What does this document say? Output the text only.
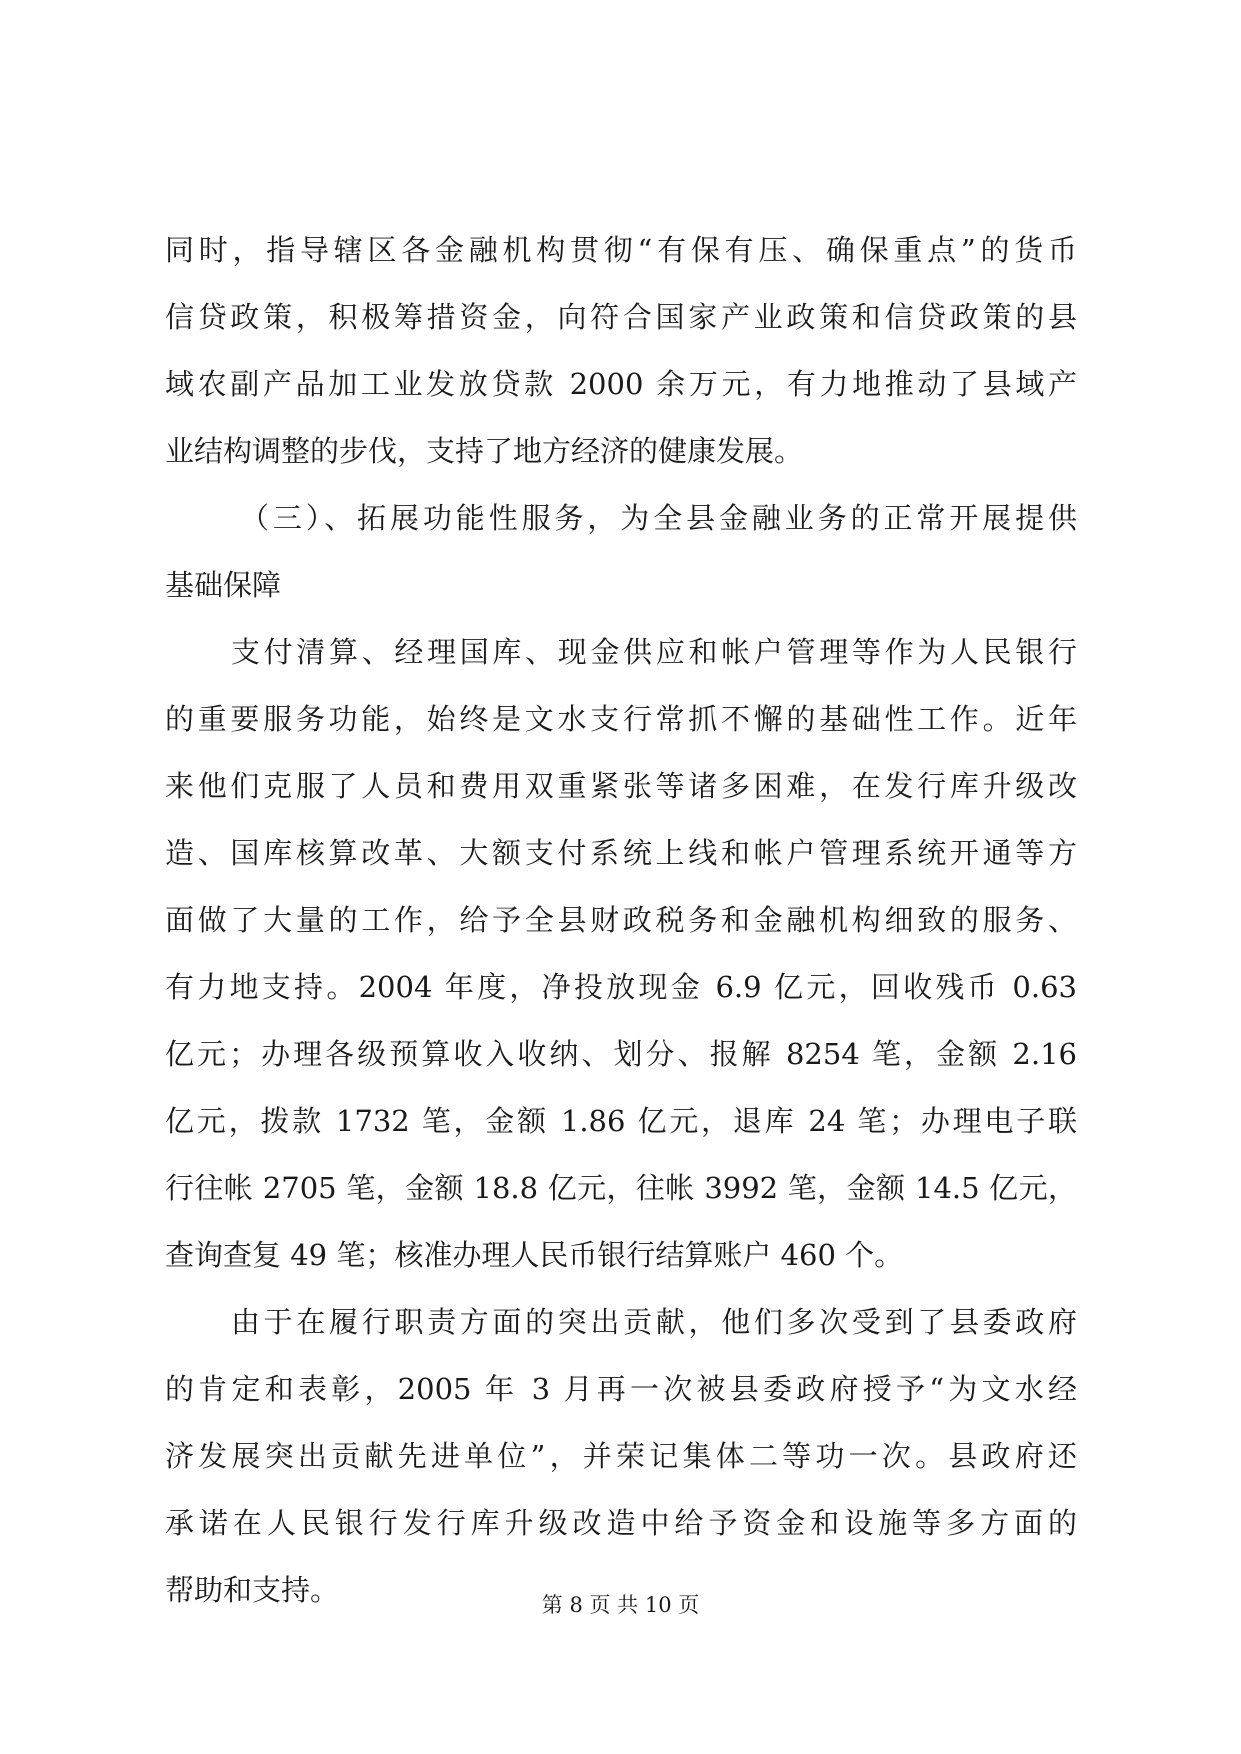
同时，指导辖区各金融机构贯彻“有保有压、确保重点”的货币
信贷政策，积极筹措资金，向符合国家产业政策和信贷政策的县
域农副产品加工业发放贷款 2000 余万元，有力地推动了县域产
业结构调整的步伐，支持了地方经济的健康发展。
（三）、拓展功能性服务，为全县金融业务的正常开展提供
基础保障
支付清算、经理国库、现金供应和帐户管理等作为人民银行
的重要服务功能，始终是文水支行常抓不懈的基础性工作。近年
来他们克服了人员和费用双重紧张等诸多困难，在发行库升级改
造、国库核算改革、大额支付系统上线和帐户管理系统开通等方
面做了大量的工作，给予全县财政税务和金融机构细致的服务、
有力地支持。2004 年度，净投放现金 6.9 亿元，回收残币 0.63
亿元；办理各级预算收入收纳、划分、报解 8254 笔，金额 2.16
亿元，拨款 1732 笔，金额 1.86 亿元，退库 24 笔；办理电子联
行往帐 2705 笔，金额 18.8 亿元，往帐 3992 笔，金额 14.5 亿元，
查询查复 49 笔；核准办理人民币银行结算账户 460 个。
由于在履行职责方面的突出贡献，他们多次受到了县委政府
的肯定和表彰，2005 年 3 月再一次被县委政府授予“为文水经
济发展突出贡献先进单位”，并荣记集体二等功一次。县政府还
承诺在人民银行发行库升级改造中给予资金和设施等多方面的
帮助和支持。	第 8 页 共 10 页
